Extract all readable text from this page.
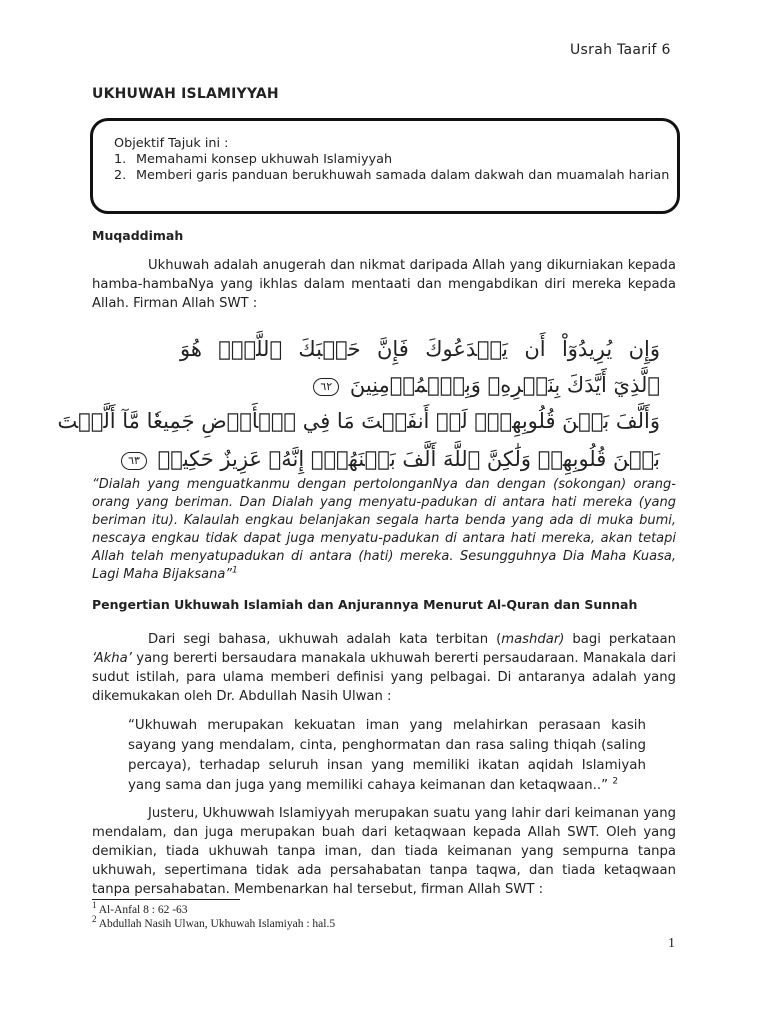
Usrah Taarif 6
UKHUWAH ISLAMIYYAH
Objektif Tajuk ini :
1. Memahami konsep ukhuwah Islamiyyah
2. Memberi garis panduan berukhuwah samada dalam dakwah dan muamalah harian
Muqaddimah

Ukhuwah adalah anugerah dan nikmat daripada Allah yang dikurniakan kepada hamba-hambaNya yang ikhlas dalam mentaati dan mengabdikan diri mereka kepada Allah. Firman Allah SWT :

وَإِن يُرِيدُوٓاْ أَن يَخۡدَعُوكَ فَإِنَّ حَسۡبَكَ ٱللَّهُۚ هُوَ
ٱلَّذِيٓ أَيَّدَكَ بِنَصۡرِهِۦ وَبِٱلۡمُؤۡمِنِينَ ٦٢
وَأَلَّفَ بَيۡنَ قُلُوبِهِمۡۚ لَوۡ أَنفَقۡتَ مَا فِي ٱلۡأَرۡضِ جَمِيعٗا مَّآ أَلَّفۡتَ
بَيۡنَ قُلُوبِهِمۡ وَلَٰكِنَّ ٱللَّهَ أَلَّفَ بَيۡنَهُمۡۚ إِنَّهُۥ عَزِيزٌ حَكِيمٞ ٦٣

“Dialah yang menguatkanmu dengan pertolonganNya dan dengan (sokongan) orang-orang yang beriman. Dan Dialah yang menyatu-padukan di antara hati mereka (yang beriman itu). Kalaulah engkau belanjakan segala harta benda yang ada di muka bumi, nescaya engkau tidak dapat juga menyatu-padukan di antara hati mereka, akan tetapi Allah telah menyatupadukan di antara (hati) mereka. Sesungguhnya Dia Maha Kuasa, Lagi Maha Bijaksana”$^1$

Pengertian Ukhuwah Islamiah dan Anjurannya Menurut Al-Quran dan Sunnah

Dari segi bahasa, ukhuwah adalah kata terbitan (mashdar) bagi perkataan ‘Akha’ yang bererti bersaudara manakala ukhuwah bererti persaudaraan. Manakala dari sudut istilah, para ulama memberi definisi yang pelbagai. Di antaranya adalah yang dikemukakan oleh Dr. Abdullah Nasih Ulwan :

“Ukhuwah merupakan kekuatan iman yang melahirkan perasaan kasih sayang yang mendalam, cinta, penghormatan dan rasa saling thiqah (saling percaya), terhadap seluruh insan yang memiliki ikatan aqidah Islamiyah yang sama dan juga yang memiliki cahaya keimanan dan ketaqwaan..” $^2$

Justeru, Ukhuwwah Islamiyyah merupakan suatu yang lahir dari keimanan yang mendalam, dan juga merupakan buah dari ketaqwaan kepada Allah SWT. Oleh yang demikian, tiada ukhuwah tanpa iman, dan tiada keimanan yang sempurna tanpa ukhuwah, sepertimana tidak ada persahabatan tanpa taqwa, dan tiada ketaqwaan tanpa persahabatan. Membenarkan hal tersebut, firman Allah SWT :

$^1$ Al-Anfal 8 : 62 -63
$^2$ Abdullah Nasih Ulwan, Ukhuwah Islamiyah : hal.5
1
